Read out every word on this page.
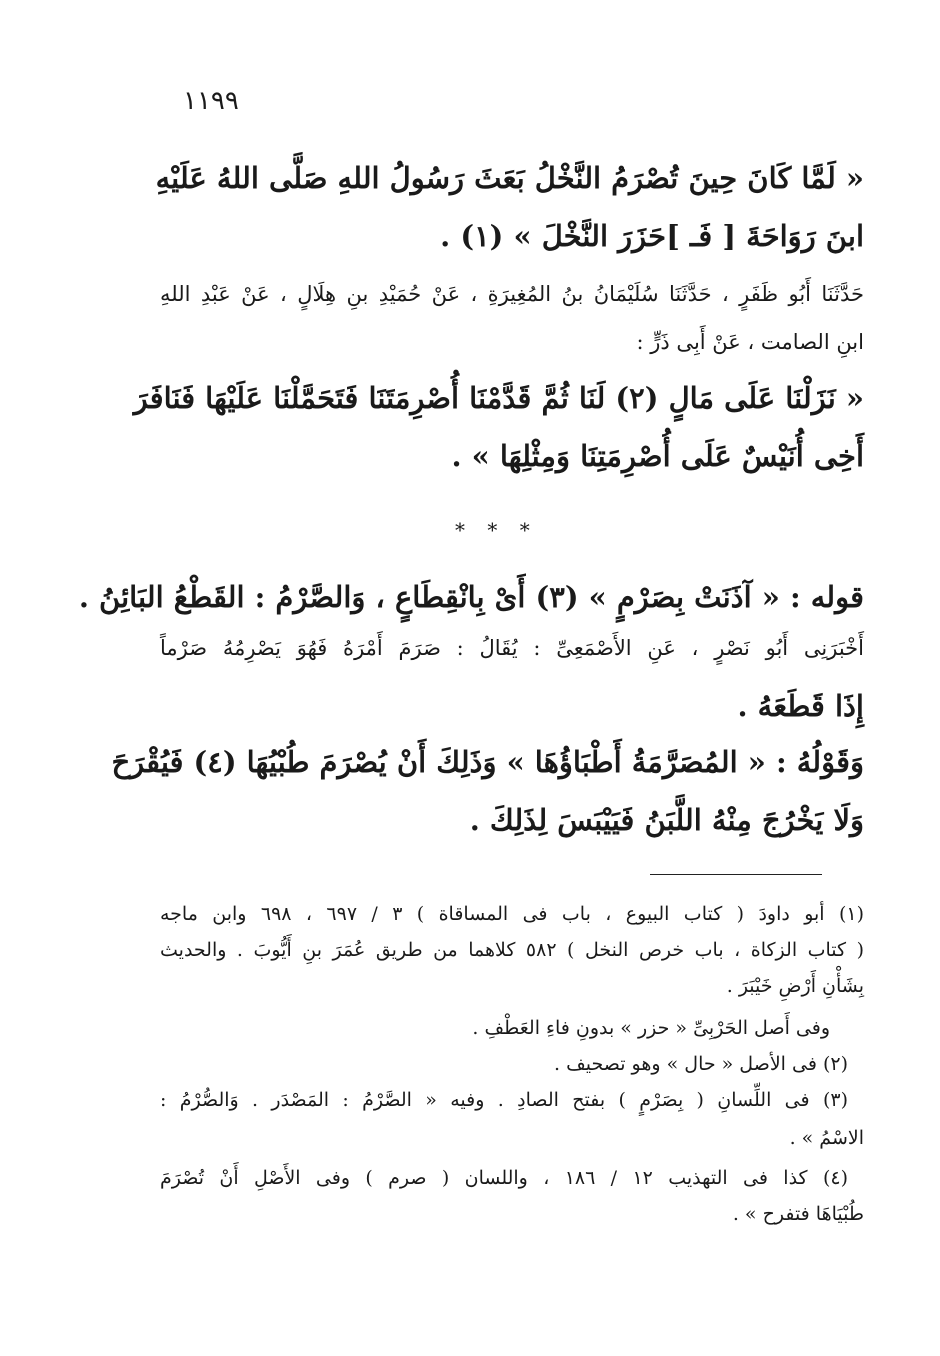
١١٩٩
« لَمَّا كَانَ حِينَ تُصْرَمُ النَّخْلُ بَعَثَ رَسُولُ اللهِ صَلَّى اللهُ عَلَيْهِ
ابنَ رَوَاحَةَ [ فَـ ]حَزَرَ النَّخْلَ » (١) .
حَدَّثَنَا أَبُو ظَفَرٍ ، حَدَّثَنَا سُلَيْمَانُ بنُ المُغِيرَةِ ، عَنْ حُمَيْدِ بنِ هِلَالٍ ، عَنْ عَبْدِ اللهِ
ابنِ الصامت ، عَنْ أَبِى ذَرٍّ :
« نَزَلْنَا عَلَى مَالٍ (٢) لَنَا ثُمَّ قَدَّمْنَا أُصْرِمَتَنَا فَتَحَمَّلْنَا عَلَيْهَا فَنَافَرَ
أَخِى أُنَيْسٌ عَلَى أُصْرِمَتِنَا وَمِثْلِهَا » .
* * *
قوله : « آذَنَتْ بِصَرْمٍ » (٣) أَىْ بِانْقِطَاعٍ ، وَالصَّرْمُ : القَطْعُ البَائِنُ .
أَخْبَرَنِى أَبُو نَصْرٍ ، عَنِ الأَصْمَعِىِّ : يُقَالُ : صَرَمَ أَمْرَهُ فَهُوَ يَصْرِمُهُ صَرْماً
إِذَا قَطَعَهُ .
وَقَوْلُهُ : « المُصَرَّمَةُ أَطْبَاؤُهَا » وَذَلِكَ أَنْ يُصْرَمَ طُبْيُهَا (٤) فَيُقْرَحَ
وَلَا يَخْرُجَ مِنْهُ اللَّبَنُ فَيَيْبَسَ لِذَلِكَ .
(١) أبو داودَ ( كتاب البيوع ، باب فى المساقاة ) ٣ / ٦٩٧ ، ٦٩٨ وابن ماجه
( كتاب الزكاة ، باب خرص النخل ) ٥٨٢ كلاهما من طريق عُمَرَ بنِ أَيُّوبَ . والحديث
بِشَأْنِ أَرْضِ خَيْبَرَ .
وفى أَصل الحَرْبِىِّ « حزر » بدونِ فاءِ العَطْفِ .
(٢) فى الأصل « حال » وهو تصحيف .
(٣) فى اللِّسانِ ( بِصَرْمٍ ) بفتح الصادِ . وفيه « الصَّرْمُ : المَصْدَر . وَالصُّرْمُ :
الاسْمُ » .
(٤) كذا فى التهذيب ١٢ / ١٨٦ ، واللسان ( صرم ) وفى الأَصْلِ أَنْ تُصْرَمَ
طُبْيَاهَا فتفرح » .
